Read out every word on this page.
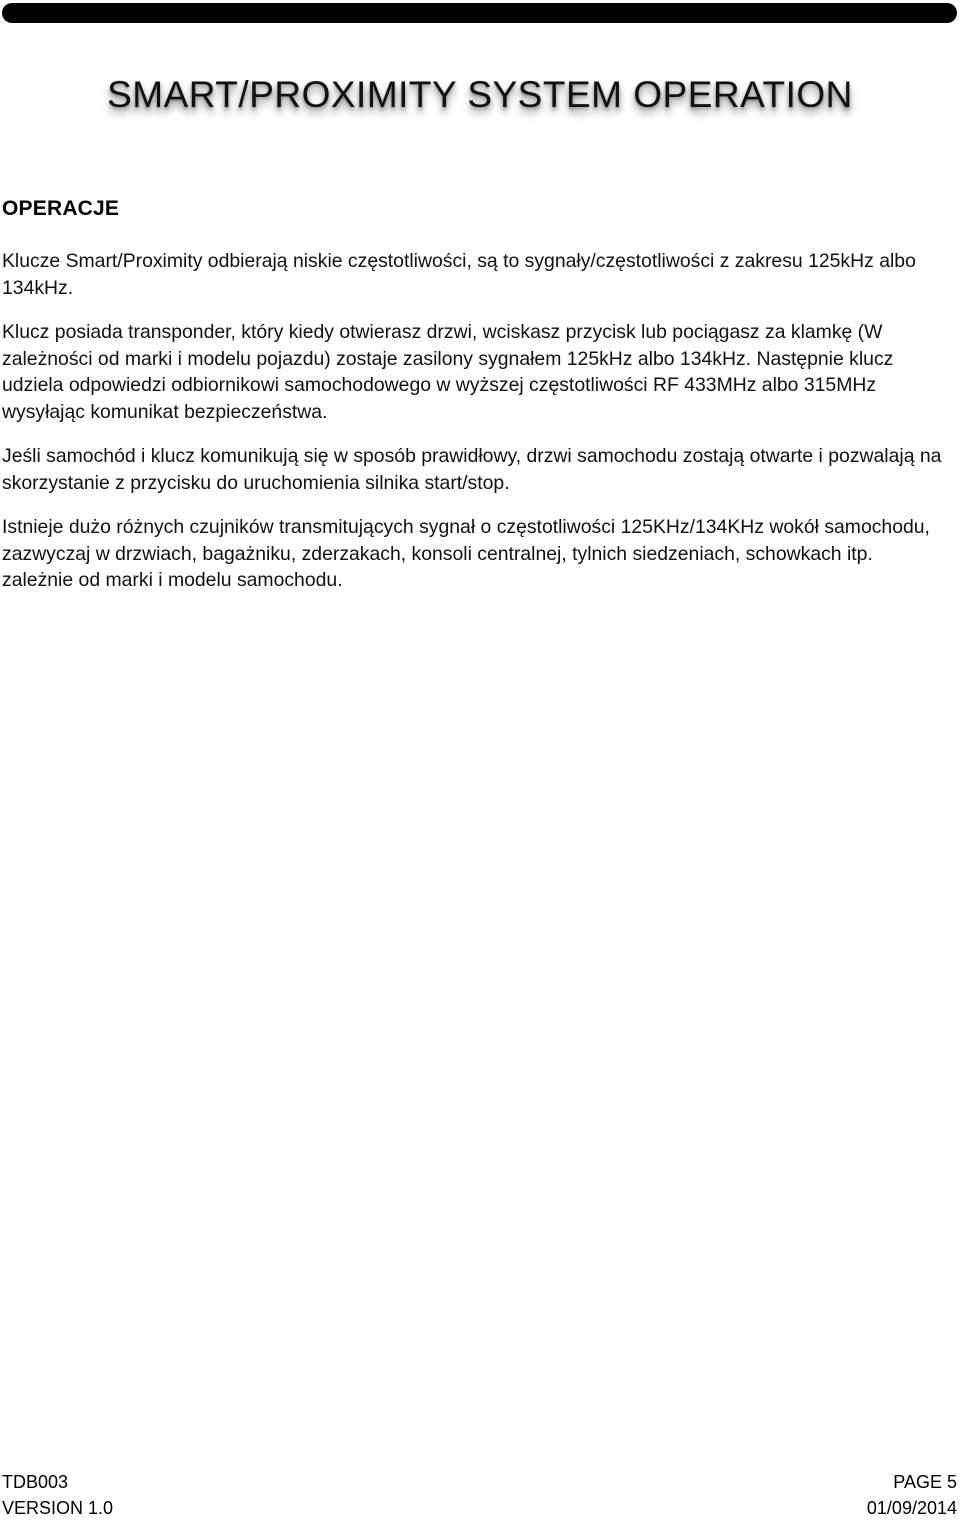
SMART/PROXIMITY SYSTEM OPERATION
OPERACJE

Klucze Smart/Proximity odbierają niskie częstotliwości, są to sygnały/częstotliwości z zakresu 125kHz albo 134kHz.

Klucz posiada transponder, który kiedy otwierasz drzwi, wciskasz przycisk lub pociągasz za klamkę (W zależności od marki i modelu pojazdu) zostaje zasilony sygnałem 125kHz albo 134kHz. Następnie klucz udziela odpowiedzi odbiornikowi samochodowego w wyższej częstotliwości RF 433MHz albo 315MHz wysyłając komunikat bezpieczeństwa.

Jeśli samochód i klucz komunikują się w sposób prawidłowy, drzwi samochodu zostają otwarte i pozwalają na skorzystanie z przycisku do uruchomienia silnika start/stop.

Istnieje dużo różnych czujników transmitujących sygnał o częstotliwości 125KHz/134KHz wokół samochodu, zazwyczaj w drzwiach, bagażniku, zderzakach, konsoli centralnej, tylnich siedzeniach, schowkach itp. zależnie od marki i modelu samochodu.

TDB003
VERSION 1.0
PAGE 5
01/09/2014
